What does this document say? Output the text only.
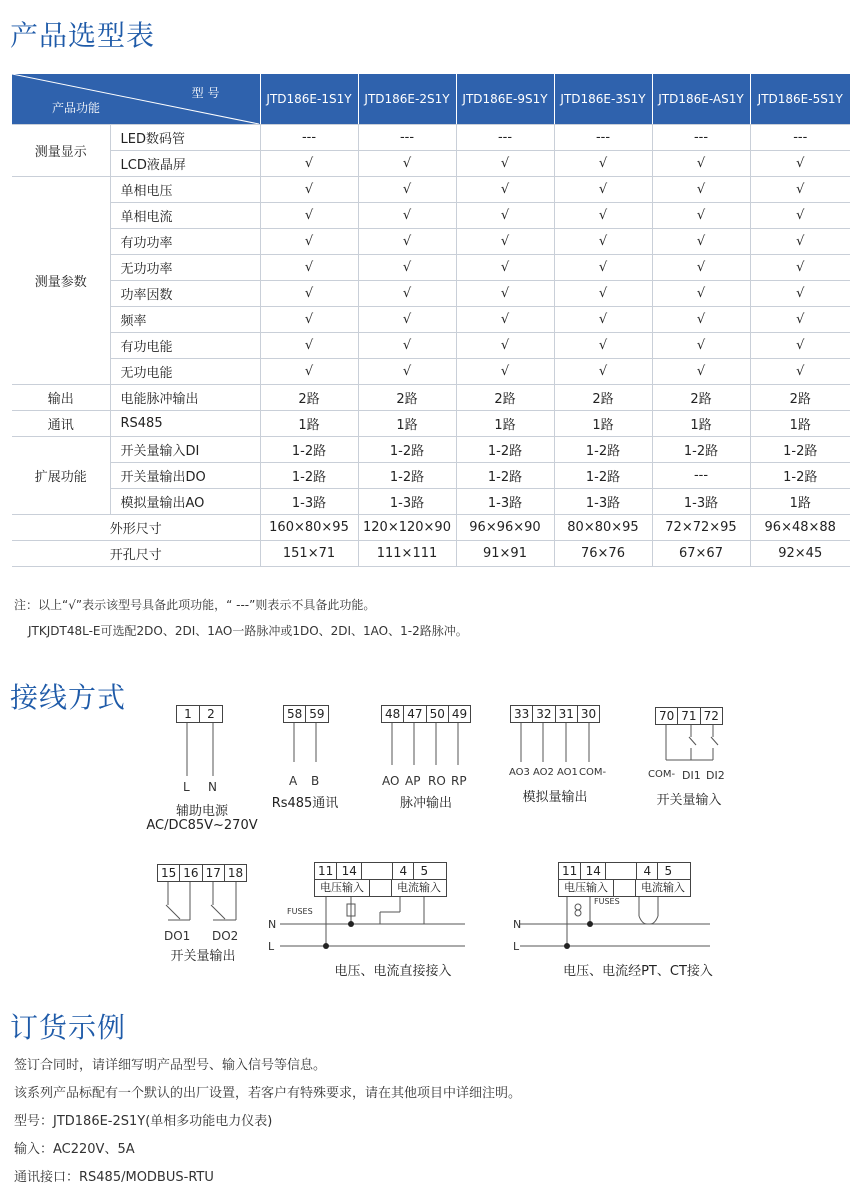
产品选型表
型 号
产品功能		JTD186E-1S1Y	JTD186E-2S1Y	JTD186E-9S1Y	JTD186E-3S1Y	JTD186E-AS1Y	JTD186E-5S1Y
测量显示	LED数码管	---	---	---	---	---	---
	LCD液晶屏	√	√	√	√	√	√
测量参数	单相电压	√	√	√	√	√	√
	单相电流	√	√	√	√	√	√
	有功功率	√	√	√	√	√	√
	无功功率	√	√	√	√	√	√
	功率因数	√	√	√	√	√	√
	频率	√	√	√	√	√	√
	有功电能	√	√	√	√	√	√
	无功电能	√	√	√	√	√	√
输出	电能脉冲输出	2路	2路	2路	2路	2路	2路
通讯	RS485	1路	1路	1路	1路	1路	1路
扩展功能	开关量输入DI	1-2路	1-2路	1-2路	1-2路	1-2路	1-2路
	开关量输出DO	1-2路	1-2路	1-2路	1-2路	---	1-2路
	模拟量输出AO	1-3路	1-3路	1-3路	1-3路	1-3路	1路
外形尺寸		160×80×95	120×120×90	96×96×90	80×80×95	72×72×95	96×48×88
开孔尺寸		151×71	111×111	91×91	76×76	67×67	92×45
注：以上“√”表示该型号具备此项功能，“ ---”则表示不具备此功能。
JTKJDT48L-E可选配2DO、2DI、1AO一路脉冲或1DO、2DI、1AO、1-2路脉冲。
接线方式	1	2
L N
辅助电源
AC/DC85V~270V
58 59
A B
Rs485通讯
48 47 50 49
AO AP RO RP
脉冲输出
33 32 31 30
AO3 AO2 AO1 COM-
模拟量输出
70 71 72
COM- DI1 DI2
开关量输入
15 16 17 18
DO1 DO2
开关量输出
11 14	4	5
电压输入	电流输入
FUSES
N
L
电压、电流直接接入
11 14	4	5
电压输入	电流输入
FUSES
N
L
电压、电流经PT、CT接入
订货示例
签订合同时，请详细写明产品型号、输入信号等信息。
该系列产品标配有一个默认的出厂设置，若客户有特殊要求，请在其他项目中详细注明。
型号：JTD186E-2S1Y(单相多功能电力仪表)
输入：AC220V、5A
通讯接口：RS485/MODBUS-RTU
